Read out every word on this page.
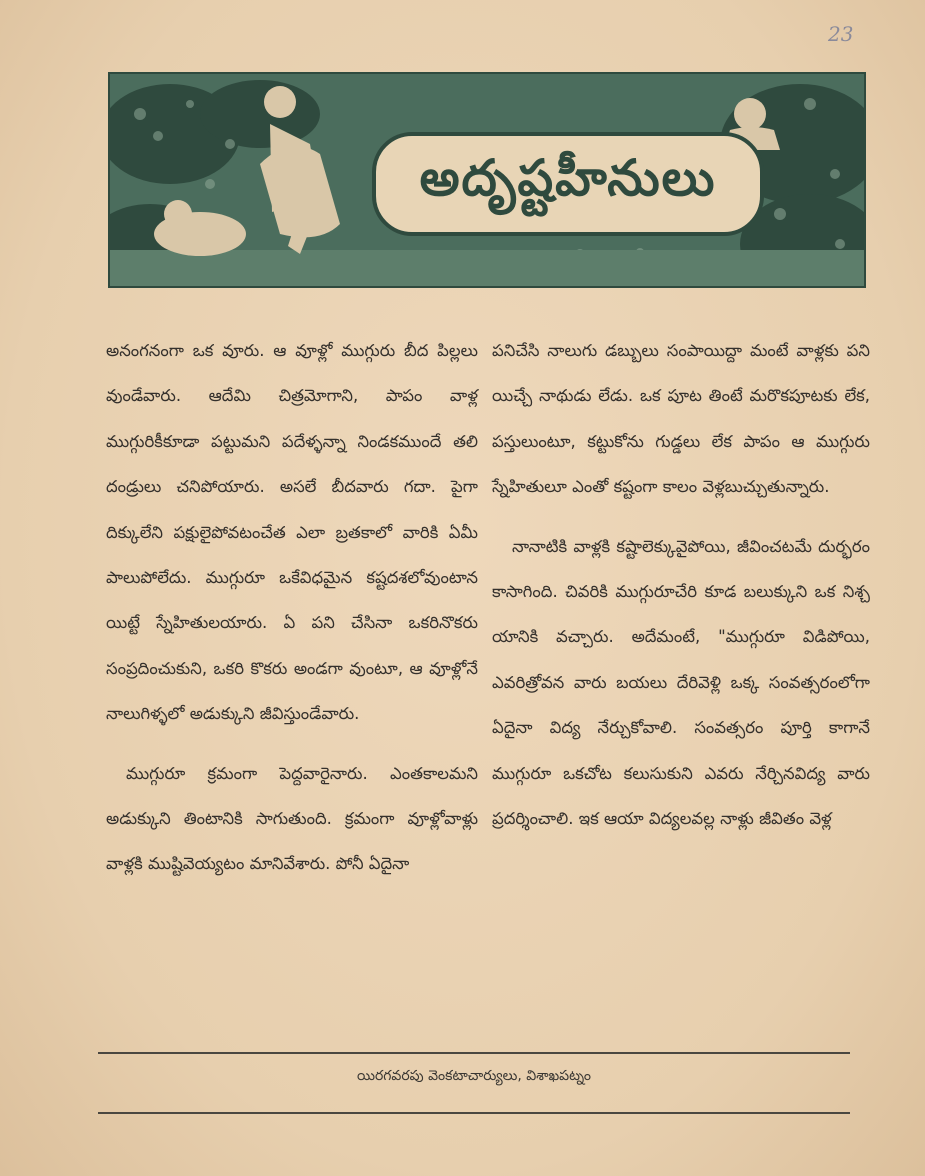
23
అదృష్టహీనులు

అనంగనంగా ఒక వూరు. ఆ వూళ్లో ముగ్గురు బీద పిల్లలు వుండేవారు. ఆదేమి చిత్రమోగాని, పాపం వాళ్ల ముగ్గురికీకూడా పట్టుమని పదేళ్ళన్నా నిండకముందే తలి దండ్రులు చనిపోయారు. అసలే బీదవారు గదా. పైగా దిక్కులేని పక్షులైపోవటంచేత ఎలా బ్రతకాలో వారికి ఏమీ పాలుపోలేదు. ముగ్గురూ ఒకేవిధమైన కష్టదశలోవుంటాన యిట్టే స్నేహితులయారు. ఏ పని చేసినా ఒకరినొకరు సంప్రదించుకుని, ఒకరి కొకరు అండగా వుంటూ, ఆ వూళ్లోనే నాలుగిళ్ళలో అడుక్కుని జీవిస్తుండేవారు.

ముగ్గురూ క్రమంగా పెద్దవారైనారు. ఎంతకాలమని అడుక్కుని తింటానికి సాగుతుంది. క్రమంగా వూళ్లోవాళ్లు వాళ్లకి ముష్టివెయ్యటం మానివేశారు. పోనీ ఏదైనా

పనిచేసి నాలుగు డబ్బులు సంపాయిద్దా మంటే వాళ్లకు పని యిచ్చే నాథుడు లేడు. ఒక పూట తింటే మరొకపూటకు లేక, పస్తులుంటూ, కట్టుకోను గుడ్డలు లేక పాపం ఆ ముగ్గురు స్నేహితులూ ఎంతో కష్టంగా కాలం వెళ్లబుచ్చుతున్నారు.

నానాటికి వాళ్లకి కష్టాలెక్కువైపోయి, జీవించటమే దుర్భరం కాసాగింది. చివరికి ముగ్గురూచేరి కూడ బలుక్కుని ఒక నిశ్చ యానికి వచ్చారు. అదేమంటే, "ముగ్గురూ విడిపోయి, ఎవరిత్రోవన వారు బయలు దేరివెళ్లి ఒక్క సంవత్సరంలోగా ఏదైనా విద్య నేర్చుకోవాలి. సంవత్సరం పూర్తి కాగానే ముగ్గురూ ఒకచోట కలుసుకుని ఎవరు నేర్చినవిద్య వారు ప్రదర్శించాలి. ఇక ఆయా విద్యలవల్ల నాళ్లు జీవితం వెళ్ల

యిరగవరపు వెంకటాచార్యులు, విశాఖపట్నం
